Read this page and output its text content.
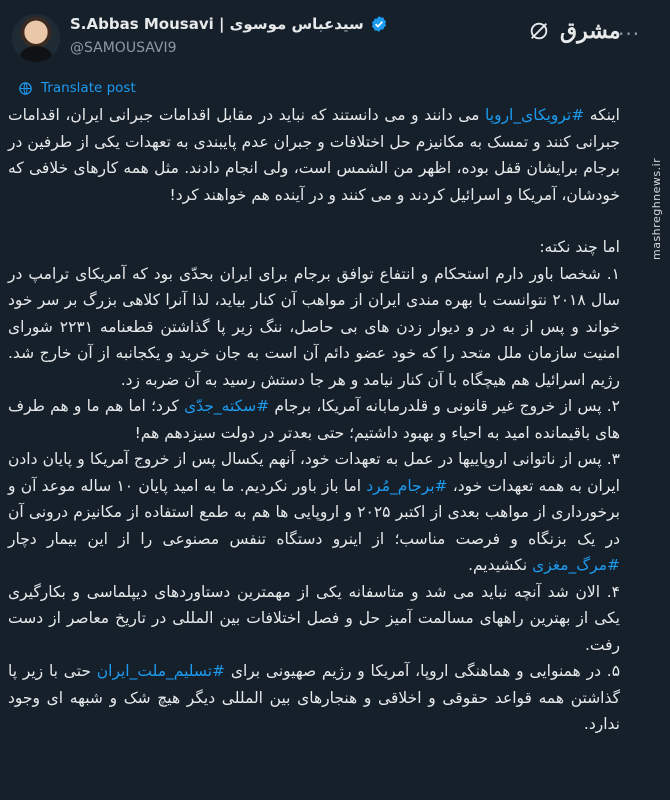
S.Abbas Mousavi | سیدعباس موسوی
@SAMOUSAVI9
مشرق
···
Translate post
mashreghnews.ir

اینکه #ترویکای_اروپا می دانند و می دانستند که نباید در مقابل اقدامات جبرانی ایران، اقدامات جبرانی کنند و تمسک به مکانیزم حل اختلافات و جبران عدم پایبندی به تعهدات یکی از طرفین در برجام برایشان قفل بوده، اظهر من الشمس است، ولی انجام دادند. مثل همه کارهای خلافی که خودشان، آمریکا و اسرائیل کردند و می کنند و در آینده هم خواهند کرد!

اما چند نکته:

۱. شخصا باور دارم استحکام و انتفاع توافق برجام برای ایران بحدّی بود که آمریکای ترامپ در سال ۲۰۱۸ نتوانست با بهره مندی ایران از مواهب آن کنار بیاید، لذا آنرا کلاهی بزرگ بر سر خود خواند و پس از به در و دیوار زدن های بی حاصل، ننگ زیر پا گذاشتن قطعنامه ۲۲۳۱ شورای امنیت سازمان ملل متحد را که خود عضو دائم آن است به جان خرید و یکجانبه از آن خارج شد. رژیم اسرائیل هم هیچگاه با آن کنار نیامد و هر جا دستش رسید به آن ضربه زد.

۲. پس از خروج غیر قانونی و قلدرمابانه آمریکا، برجام #سکته_جدّی کرد؛ اما هم ما و هم طرف های باقیمانده امید به احیاء و بهبود داشتیم؛ حتی بعدتر در دولت سیزدهم هم!

۳. پس از ناتوانی اروپاییها در عمل به تعهدات خود، آنهم یکسال پس از خروج آمریکا و پایان دادن ایران به همه تعهدات خود، #برجام_مُرد اما باز باور نکردیم. ما به امید پایان ۱۰ ساله موعد آن و برخورداری از مواهب بعدی از اکتبر ۲۰۲۵ و اروپایی ها هم به طمع استفاده از مکانیزم درونی آن در یک بزنگاه و فرصت مناسب؛ از اینرو دستگاه تنفس مصنوعی را از این بیمار دچار #مرگ_مغزی نکشیدیم.

۴. الان شد آنچه نباید می شد و متاسفانه یکی از مهمترین دستاوردهای دیپلماسی و بکارگیری یکی از بهترین راههای مسالمت آمیز حل و فصل اختلافات بین المللی در تاریخ معاصر از دست رفت.

۵. در همنوایی و هماهنگی اروپا، آمریکا و رژیم صهیونی برای #تسلیم_ملت_ایران حتی با زیر پا گذاشتن همه قواعد حقوقی و اخلاقی و هنجارهای بین المللی دیگر هیچ شک و شبهه ای وجود ندارد.
